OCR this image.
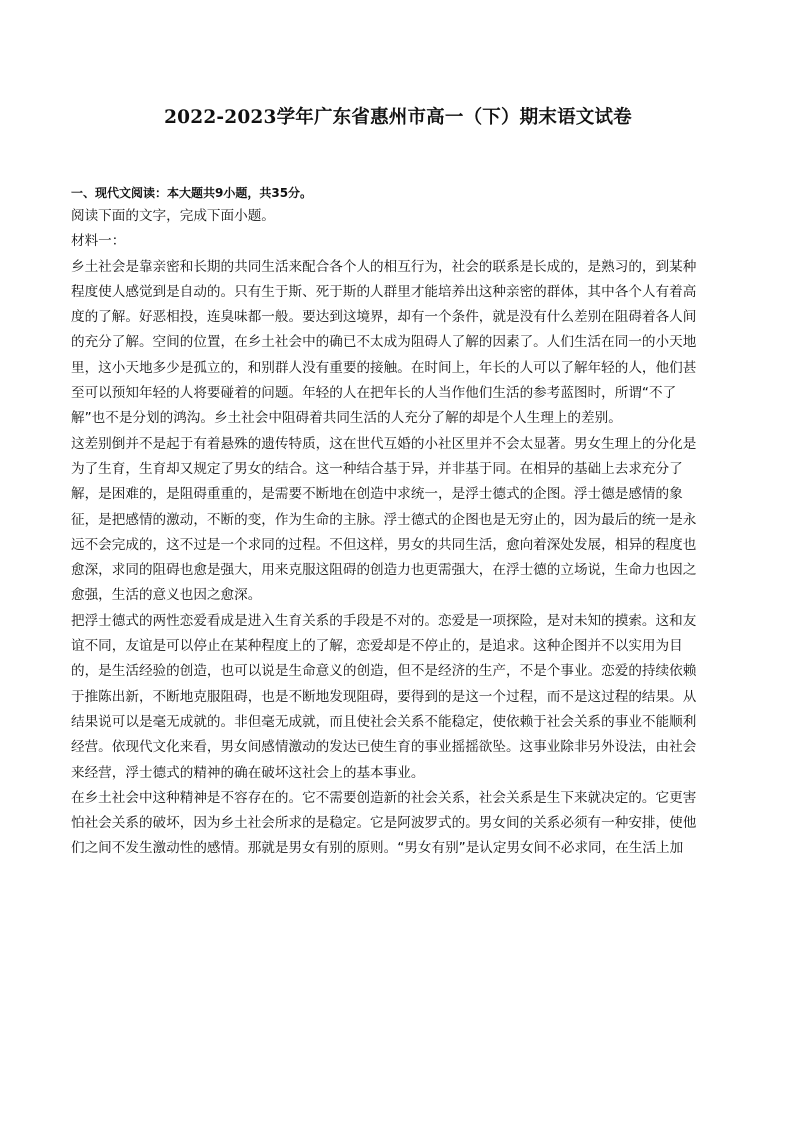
2022-2023学年广东省惠州市高一（下）期末语文试卷
一、现代文阅读：本大题共9小题，共35分。
阅读下面的文字，完成下面小题。
材料一：
乡土社会是靠亲密和长期的共同生活来配合各个人的相互行为，社会的联系是长成的，是熟习的，到某种
程度使人感觉到是自动的。只有生于斯、死于斯的人群里才能培养出这种亲密的群体，其中各个人有着高
度的了解。好恶相投，连臭味都一般。要达到这境界，却有一个条件，就是没有什么差别在阻碍着各人间
的充分了解。空间的位置，在乡土社会中的确已不太成为阻碍人了解的因素了。人们生活在同一的小天地
里，这小天地多少是孤立的，和别群人没有重要的接触。在时间上，年长的人可以了解年轻的人，他们甚
至可以预知年轻的人将要碰着的问题。年轻的人在把年长的人当作他们生活的参考蓝图时，所谓“不了
解”也不是分划的鸿沟。乡土社会中阻碍着共同生活的人充分了解的却是个人生理上的差别。
这差别倒并不是起于有着悬殊的遗传特质，这在世代互婚的小社区里并不会太显著。男女生理上的分化是
为了生育，生育却又规定了男女的结合。这一种结合基于异，并非基于同。在相异的基础上去求充分了
解，是困难的，是阻碍重重的，是需要不断地在创造中求统一，是浮士德式的企图。浮士德是感情的象
征，是把感情的激动，不断的变，作为生命的主脉。浮士德式的企图也是无穷止的，因为最后的统一是永
远不会完成的，这不过是一个求同的过程。不但这样，男女的共同生活，愈向着深处发展，相异的程度也
愈深，求同的阻碍也愈是强大，用来克服这阻碍的创造力也更需强大，在浮士德的立场说，生命力也因之
愈强，生活的意义也因之愈深。
把浮士德式的两性恋爱看成是进入生育关系的手段是不对的。恋爱是一项探险，是对未知的摸索。这和友
谊不同，友谊是可以停止在某种程度上的了解，恋爱却是不停止的，是追求。这种企图并不以实用为目
的，是生活经验的创造，也可以说是生命意义的创造，但不是经济的生产，不是个事业。恋爱的持续依赖
于推陈出新，不断地克服阻碍，也是不断地发现阻碍，要得到的是这一个过程，而不是这过程的结果。从
结果说可以是毫无成就的。非但毫无成就，而且使社会关系不能稳定，使依赖于社会关系的事业不能顺利
经营。依现代文化来看，男女间感情激动的发达已使生育的事业摇摇欲坠。这事业除非另外设法，由社会
来经营，浮士德式的精神的确在破坏这社会上的基本事业。
在乡土社会中这种精神是不容存在的。它不需要创造新的社会关系，社会关系是生下来就决定的。它更害
怕社会关系的破坏，因为乡土社会所求的是稳定。它是阿波罗式的。男女间的关系必须有一种安排，使他
们之间不发生激动性的感情。那就是男女有别的原则。“男女有别”是认定男女间不必求同，在生活上加
